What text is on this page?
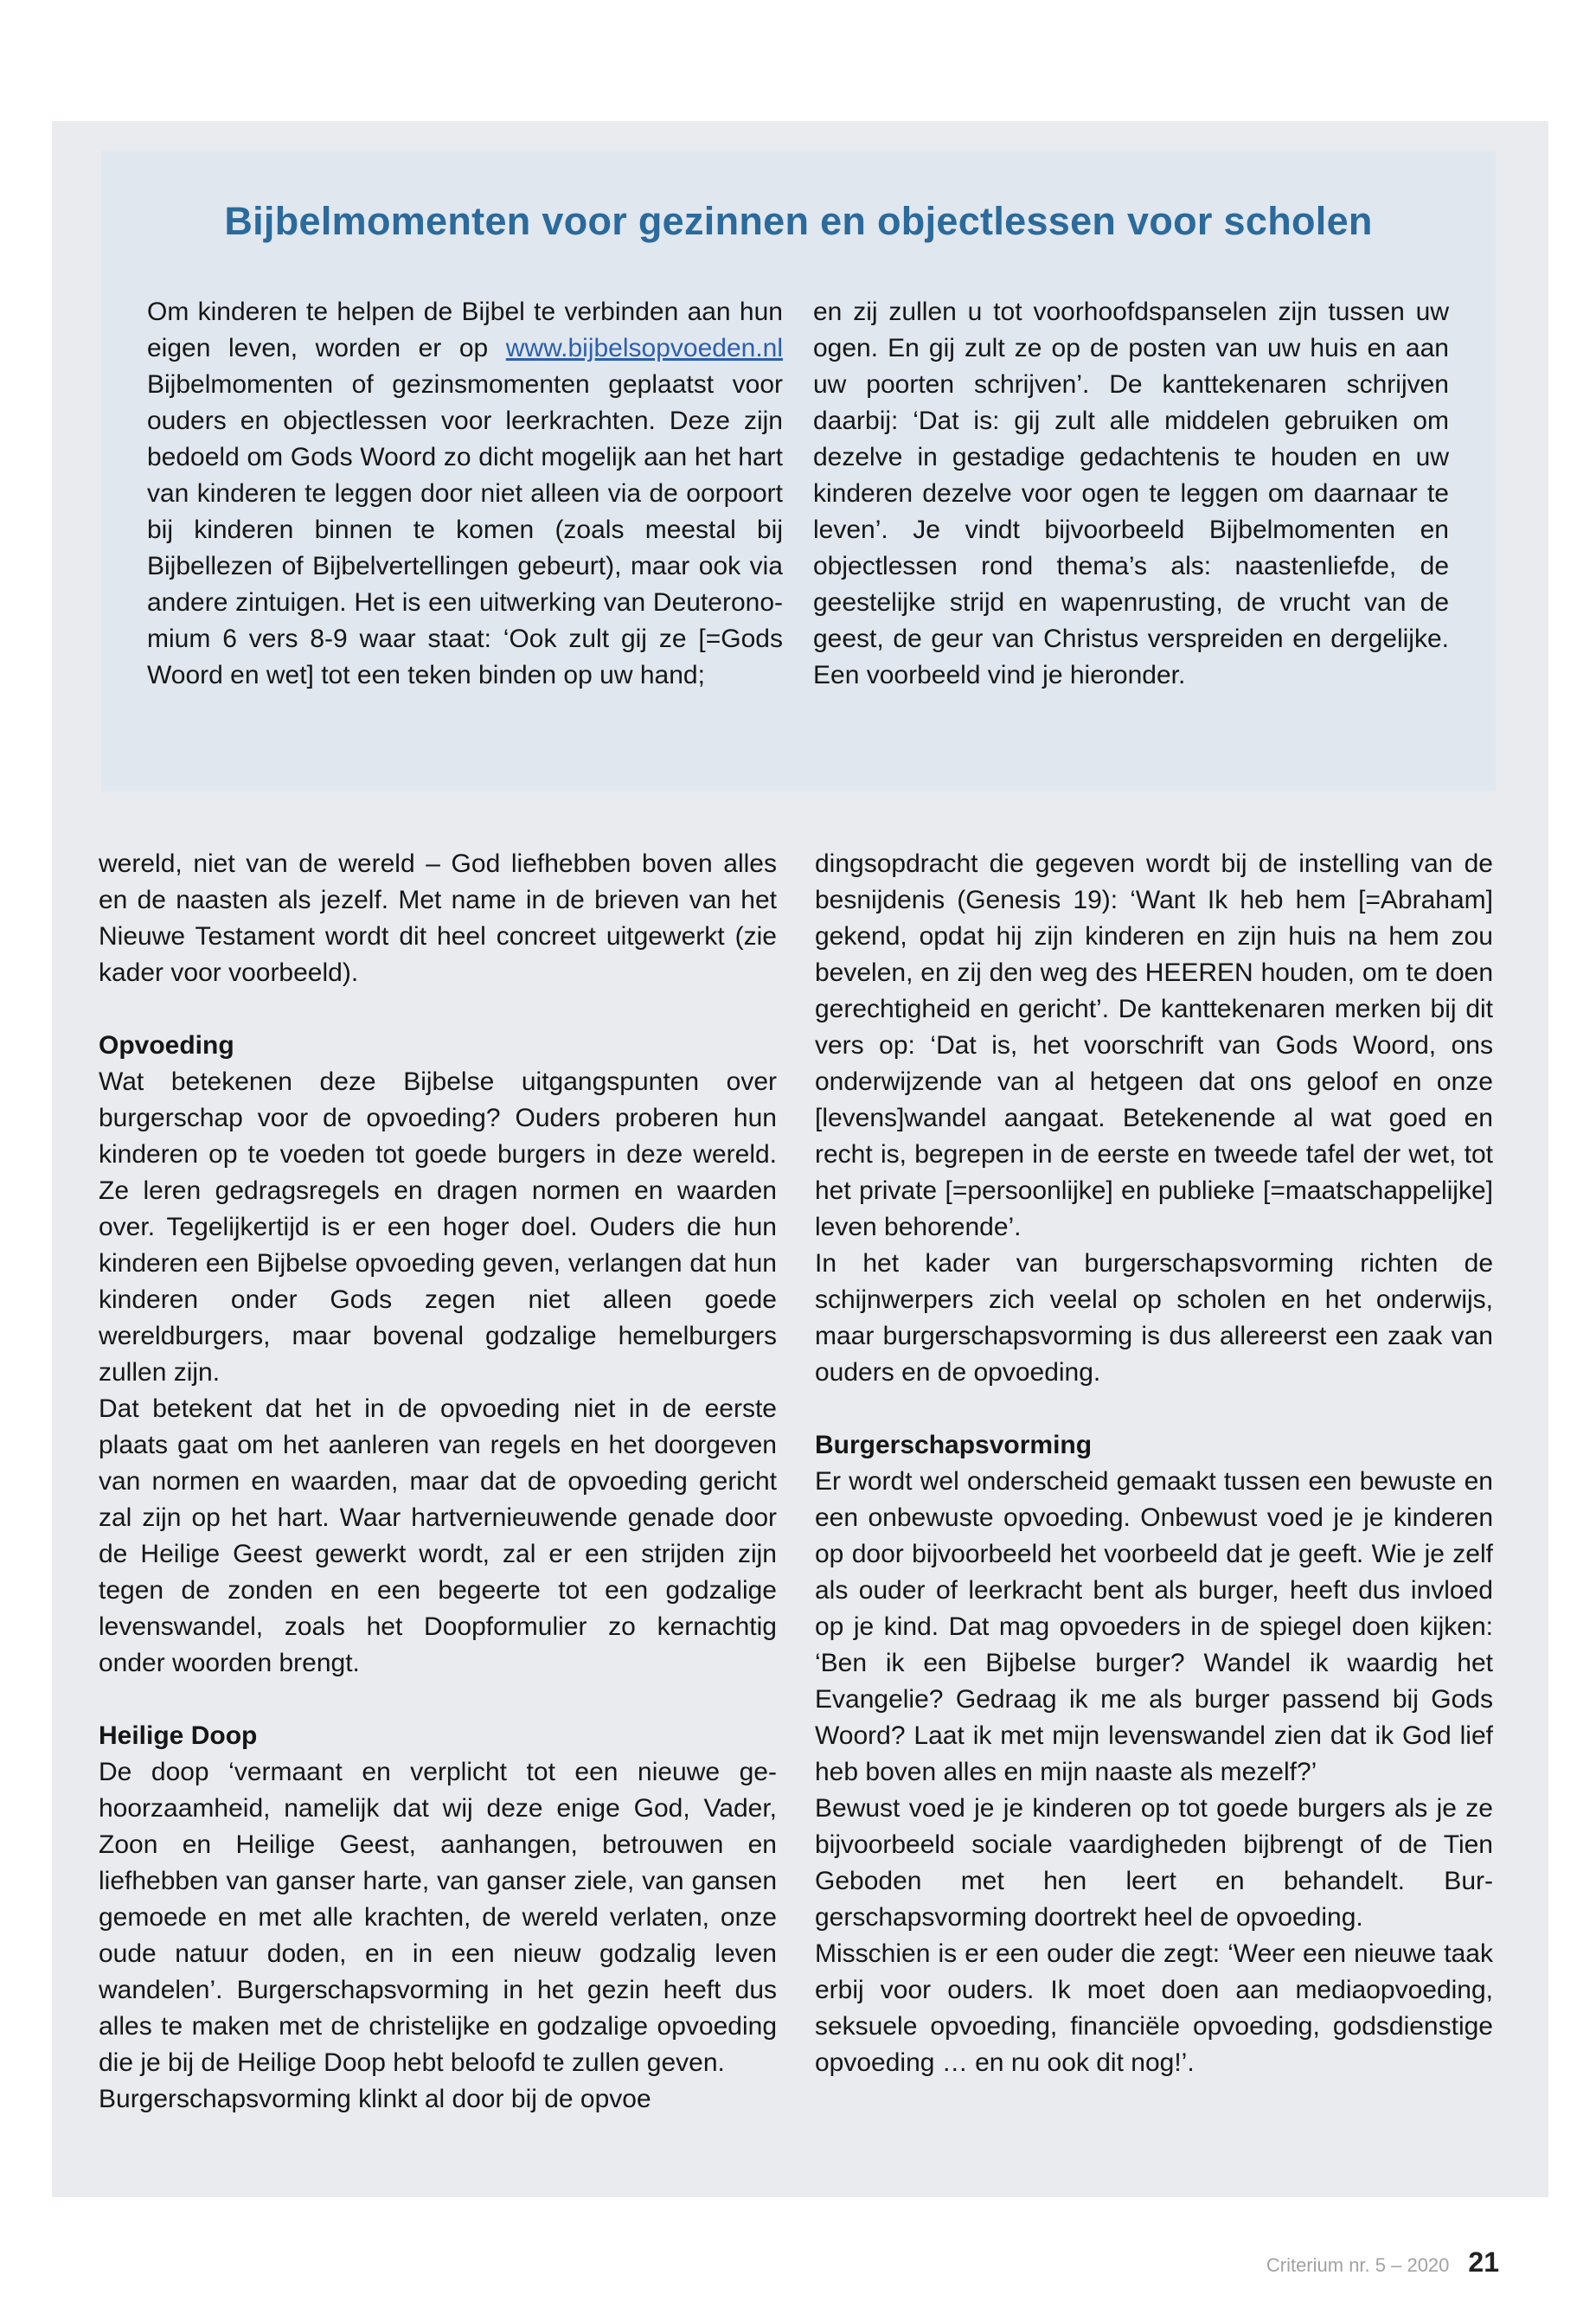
Bijbelmomenten voor gezinnen en objectlessen voor scholen

Om kinderen te helpen de Bijbel te verbinden aan hun eigen leven, worden er op www.bijbelsopvoeden.nl Bijbelmomenten of gezinsmomenten geplaatst voor ouders en objectlessen voor leerkrachten. Deze zijn bedoeld om Gods Woord zo dicht mogelijk aan het hart van kinderen te leggen door niet alleen via de oorpoort bij kinderen binnen te komen (zoals meestal bij Bijbellezen of Bijbelvertellingen gebeurt), maar ook via andere zintuigen. Het is een uitwerking van Deuteronomium 6 vers 8-9 waar staat: ‘Ook zult gij ze [=Gods Woord en wet] tot een teken binden op uw hand;

en zij zullen u tot voorhoofdspanselen zijn tussen uw ogen. En gij zult ze op de posten van uw huis en aan uw poorten schrijven’. De kanttekenaren schrijven daarbij: ‘Dat is: gij zult alle middelen gebruiken om dezelve in gestadige gedachtenis te houden en uw kinderen dezelve voor ogen te leggen om daarnaar te leven’. Je vindt bijvoorbeeld Bijbelmomenten en objectlessen rond thema’s als: naastenliefde, de geestelijke strijd en wapenrusting, de vrucht van de geest, de geur van Christus verspreiden en dergelijke. Een voorbeeld vind je hieronder.

wereld, niet van de wereld – God liefhebben boven alles en de naasten als jezelf. Met name in de brieven van het Nieuwe Testament wordt dit heel concreet uitgewerkt (zie kader voor voorbeeld).

Opvoeding

Wat betekenen deze Bijbelse uitgangspunten over burgerschap voor de opvoeding? Ouders proberen hun kinderen op te voeden tot goede burgers in deze wereld. Ze leren gedragsregels en dragen normen en waarden over. Tegelijkertijd is er een hoger doel. Ouders die hun kinderen een Bijbelse opvoeding geven, verlangen dat hun kinderen onder Gods zegen niet alleen goede wereldburgers, maar bovenal godzalige hemelburgers zullen zijn.

Dat betekent dat het in de opvoeding niet in de eerste plaats gaat om het aanleren van regels en het doorgeven van normen en waarden, maar dat de opvoeding gericht zal zijn op het hart. Waar hartvernieuwende genade door de Heilige Geest gewerkt wordt, zal er een strijden zijn tegen de zonden en een begeerte tot een godzalige levenswandel, zoals het Doopformulier zo kernachtig onder woorden brengt.

Heilige Doop

De doop ‘vermaant en verplicht tot een nieuwe gehoorzaamheid, namelijk dat wij deze enige God, Vader, Zoon en Heilige Geest, aanhangen, betrouwen en liefhebben van ganser harte, van ganser ziele, van gansen gemoede en met alle krachten, de wereld verlaten, onze oude natuur doden, en in een nieuw godzalig leven wandelen’. Burgerschapsvorming in het gezin heeft dus alles te maken met de christelijke en godzalige opvoeding die je bij de Heilige Doop hebt beloofd te zullen geven.

Burgerschapsvorming klinkt al door bij de opvoe

dingsopdracht die gegeven wordt bij de instelling van de besnijdenis (Genesis 19): ‘Want Ik heb hem [=Abraham] gekend, opdat hij zijn kinderen en zijn huis na hem zou bevelen, en zij den weg des HEEREN houden, om te doen gerechtigheid en gericht’. De kanttekenaren merken bij dit vers op: ‘Dat is, het voorschrift van Gods Woord, ons onderwijzende van al hetgeen dat ons geloof en onze [levens]wandel aangaat. Betekenende al wat goed en recht is, begrepen in de eerste en tweede tafel der wet, tot het private [=persoonlijke] en publieke [=maatschappelijke] leven behorende’.

In het kader van burgerschapsvorming richten de schijnwerpers zich veelal op scholen en het onderwijs, maar burgerschapsvorming is dus allereerst een zaak van ouders en de opvoeding.

Burgerschapsvorming

Er wordt wel onderscheid gemaakt tussen een bewuste en een onbewuste opvoeding. Onbewust voed je je kinderen op door bijvoorbeeld het voorbeeld dat je geeft. Wie je zelf als ouder of leerkracht bent als burger, heeft dus invloed op je kind. Dat mag opvoeders in de spiegel doen kijken: ‘Ben ik een Bijbelse burger? Wandel ik waardig het Evangelie? Gedraag ik me als burger passend bij Gods Woord? Laat ik met mijn levenswandel zien dat ik God lief heb boven alles en mijn naaste als mezelf?’

Bewust voed je je kinderen op tot goede burgers als je ze bijvoorbeeld sociale vaardigheden bijbrengt of de Tien Geboden met hen leert en behandelt. Burgerschapsvorming doortrekt heel de opvoeding.

Misschien is er een ouder die zegt: ‘Weer een nieuwe taak erbij voor ouders. Ik moet doen aan mediaopvoeding, seksuele opvoeding, financiële opvoeding, godsdienstige opvoeding … en nu ook dit nog!’.

Criterium nr. 5 – 2020 21
